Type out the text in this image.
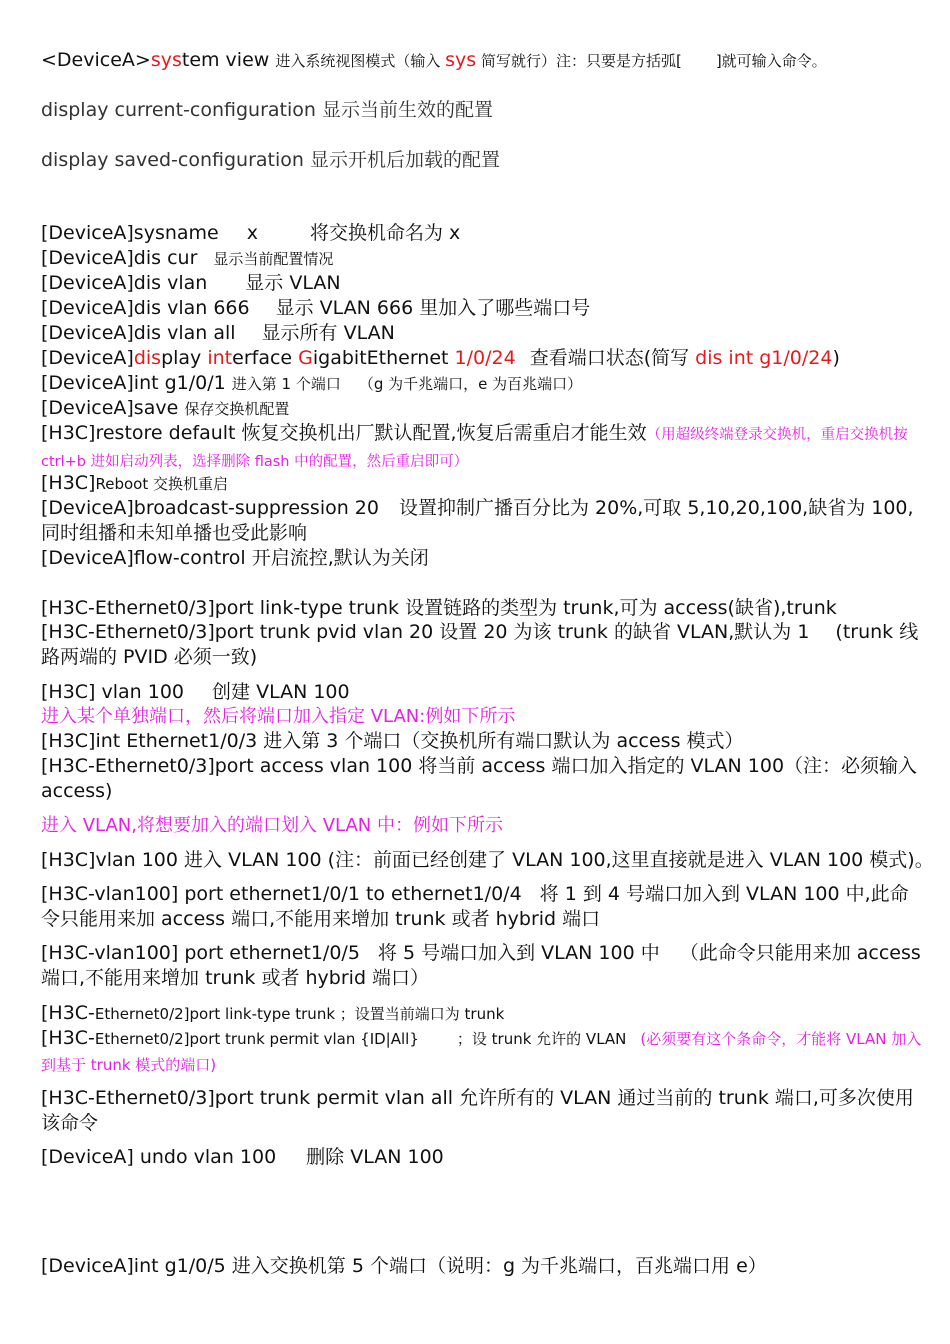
<DeviceA>system view 进入系统视图模式（输入 sys 简写就行）注：只要是方括弧[ ]就可输入命令。

display current-configuration 显示当前生效的配置

display saved-configuration 显示开机后加载的配置

[DeviceA]sysname x	将交换机命名为 x

[DeviceA]dis cur 显示当前配置情况

[DeviceA]dis vlan 显示 VLAN

[DeviceA]dis vlan 666 显示 VLAN 666 里加入了哪些端口号

[DeviceA]dis vlan all 显示所有 VLAN

[DeviceA]display interface GigabitEthernet 1/0/24 查看端口状态(简写 dis int g1/0/24)

[DeviceA]int g1/0/1 进入第 1 个端口 （g 为千兆端口，e 为百兆端口）

[DeviceA]save 保存交换机配置

[H3C]restore default 恢复交换机出厂默认配置,恢复后需重启才能生效（用超级终端登录交换机，重启交换机按 ctrl+b 进如启动列表，选择删除 flash 中的配置，然后重启即可）

[H3C]Reboot 交换机重启

[DeviceA]broadcast-suppression 20 设置抑制广播百分比为 20%,可取 5,10,20,100,缺省为 100,同时组播和未知单播也受此影响

[DeviceA]flow-control 开启流控,默认为关闭

[H3C-Ethernet0/3]port link-type trunk 设置链路的类型为 trunk,可为 access(缺省),trunk

[H3C-Ethernet0/3]port trunk pvid vlan 20 设置 20 为该 trunk 的缺省 VLAN,默认为 1 (trunk 线路两端的 PVID 必须一致)

[H3C] vlan 100 创建 VLAN 100

进入某个单独端口，然后将端口加入指定 VLAN:例如下所示

[H3C]int Ethernet1/0/3 进入第 3 个端口（交换机所有端口默认为 access 模式）

[H3C-Ethernet0/3]port access vlan 100 将当前 access 端口加入指定的 VLAN 100（注：必须输入 access)

进入 VLAN,将想要加入的端口划入 VLAN 中：例如下所示

[H3C]vlan 100 进入 VLAN 100 (注：前面已经创建了 VLAN 100,这里直接就是进入 VLAN 100 模式)。

[H3C-vlan100] port ethernet1/0/1 to ethernet1/0/4 将 1 到 4 号端口加入到 VLAN 100 中,此命令只能用来加 access 端口,不能用来增加 trunk 或者 hybrid 端口

[H3C-vlan100] port ethernet1/0/5 将 5 号端口加入到 VLAN 100 中 （此命令只能用来加 access 端口,不能用来增加 trunk 或者 hybrid 端口）

[H3C-Ethernet0/2]port link-type trunk ；设置当前端口为 trunk

[H3C-Ethernet0/2]port trunk permit vlan {ID|All}	；设 trunk 允许的 VLAN (必须要有这个条命令，才能将 VLAN 加入到基于 trunk 模式的端口)

[H3C-Ethernet0/3]port trunk permit vlan all 允许所有的 VLAN 通过当前的 trunk 端口,可多次使用该命令

[DeviceA] undo vlan 100 删除 VLAN 100

[DeviceA]int g1/0/5 进入交换机第 5 个端口（说明：g 为千兆端口，百兆端口用 e）
